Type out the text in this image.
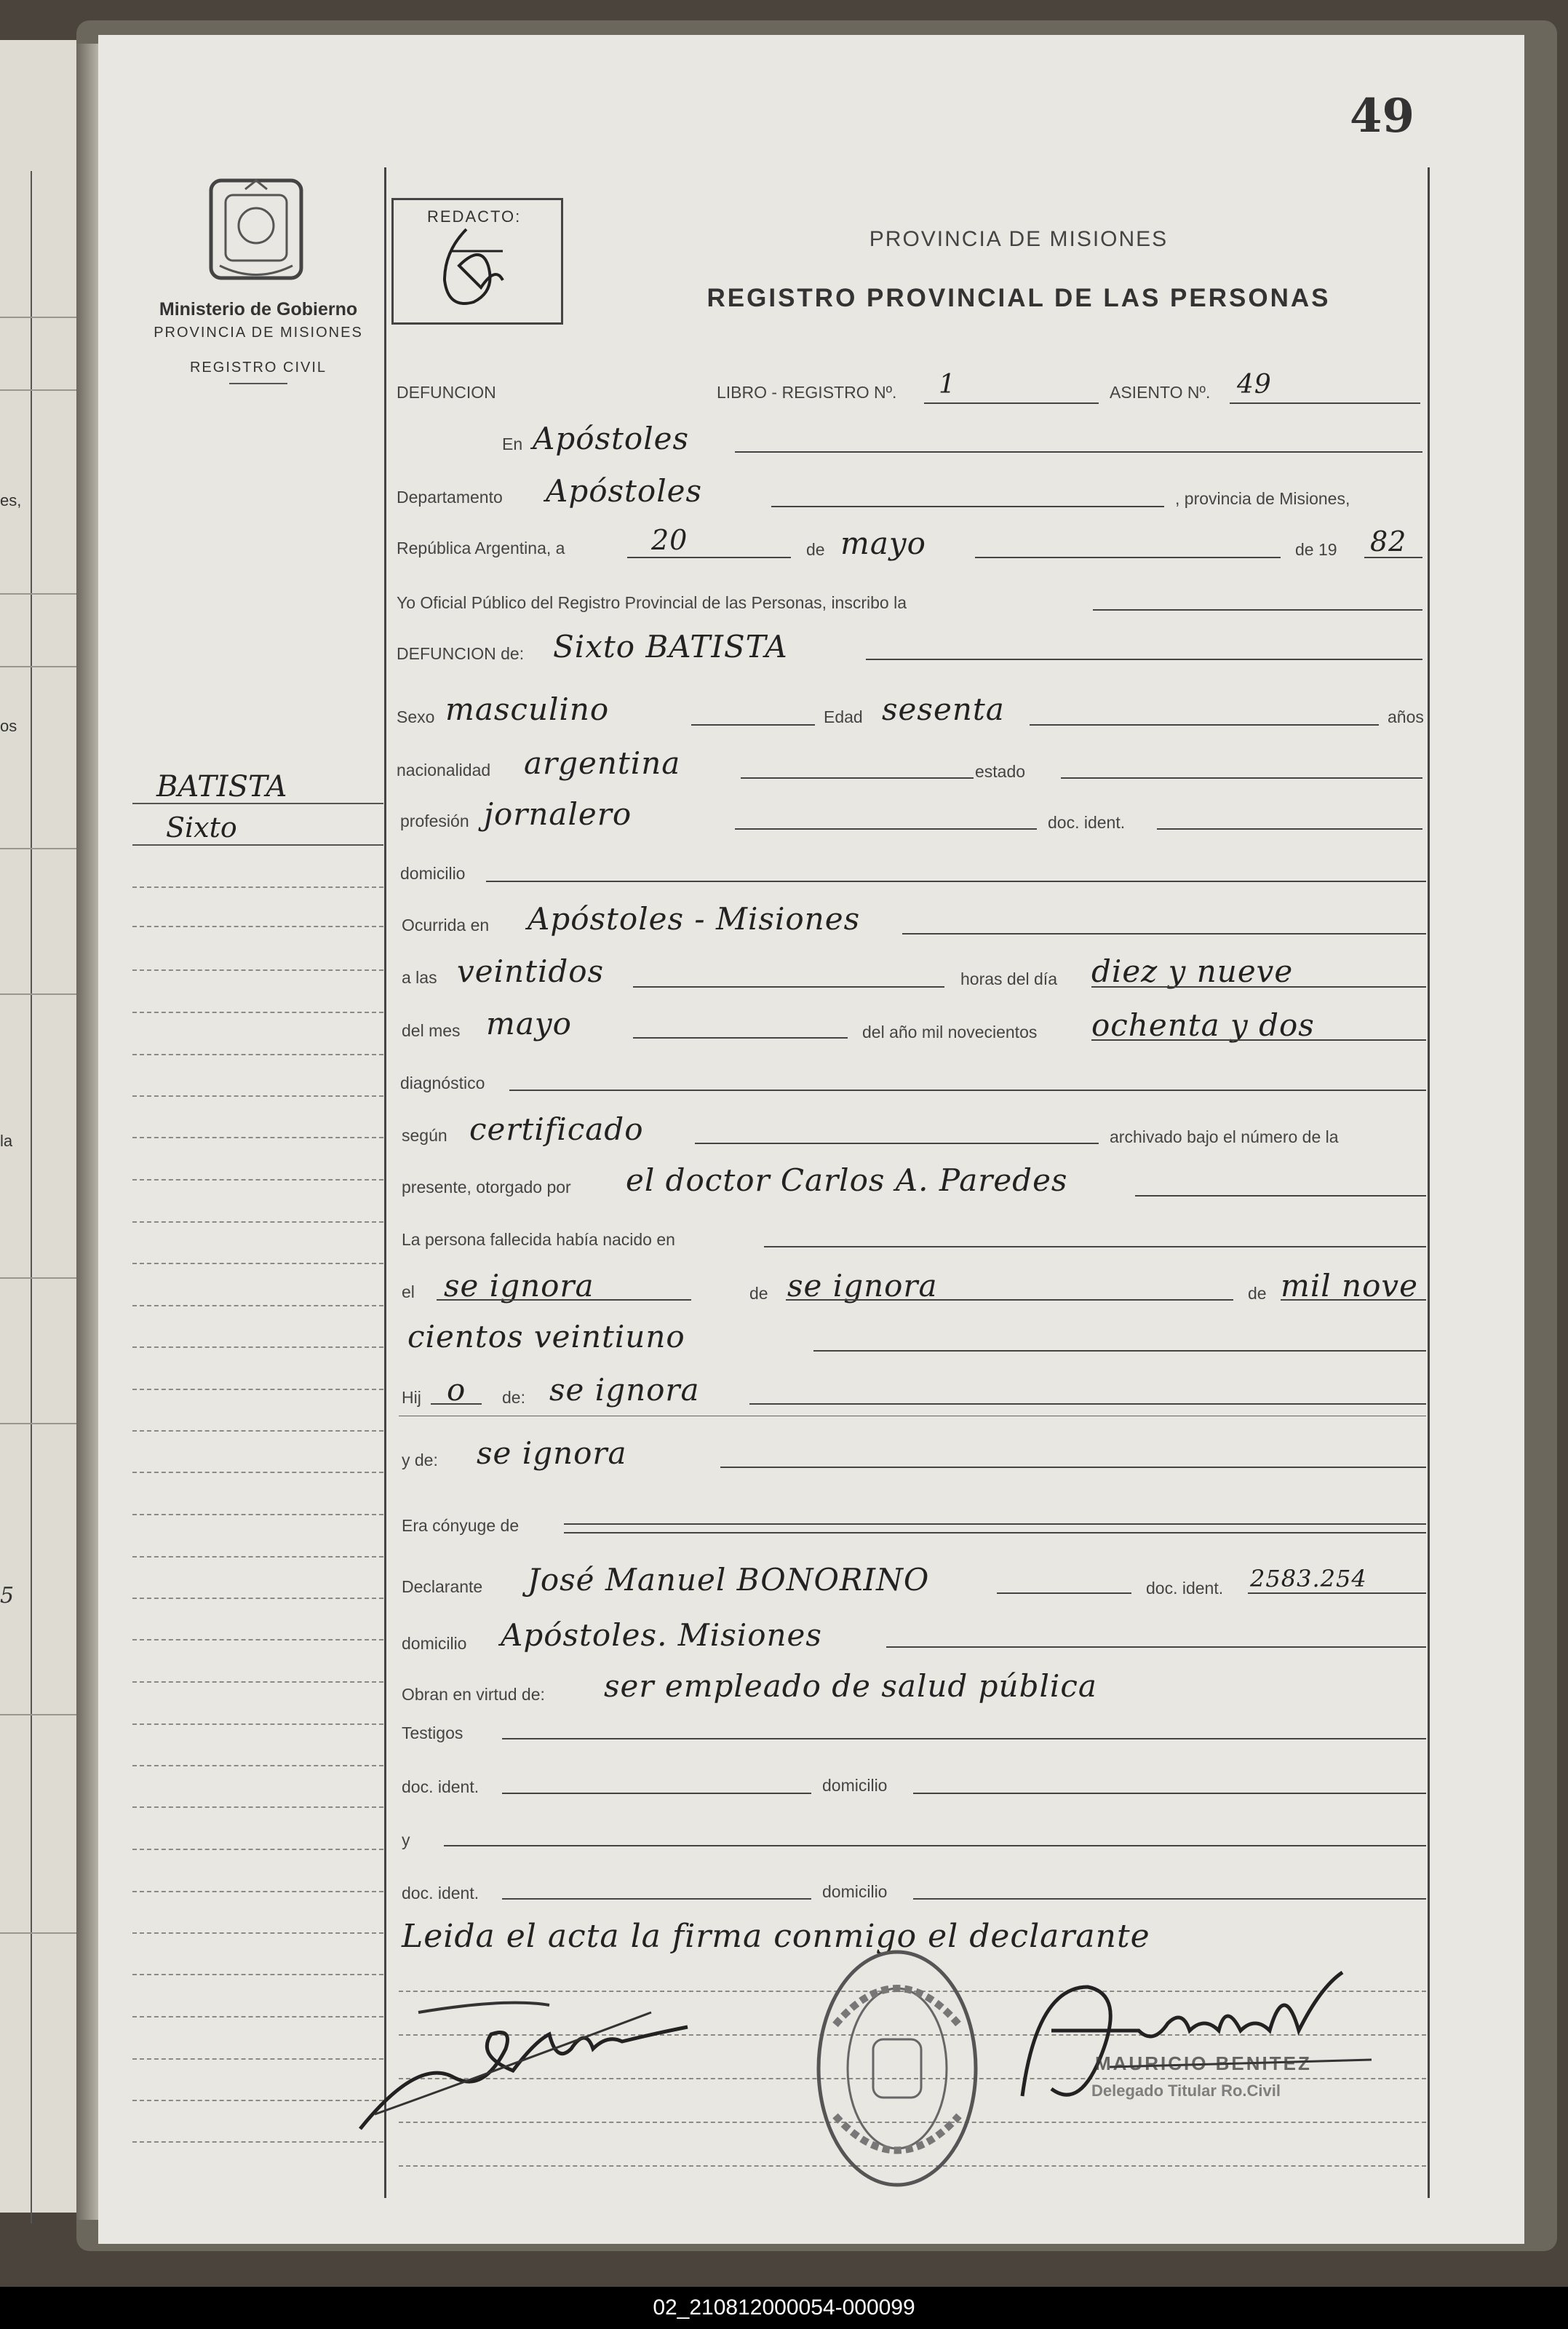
es,
os
la
5
49
Ministerio de Gobierno
PROVINCIA DE MISIONES
REGISTRO CIVIL
REDACTO:
PROVINCIA DE MISIONES
REGISTRO PROVINCIAL DE LAS PERSONAS
BATISTA
Sixto
DEFUNCION	LIBRO - REGISTRO Nº. 1	ASIENTO Nº. 49
En Apóstoles
Departamento Apóstoles	, provincia de Misiones,
República Argentina, a	20	de mayo	de 19 82
Yo Oficial Público del Registro Provincial de las Personas, inscribo la
DEFUNCION de: Sixto BATISTA
Sexo masculino	Edad sesenta	años
nacionalidad argentina	estado
profesión jornalero	doc. ident.
domicilio
Ocurrida en Apóstoles - Misiones
a las veintidos	horas del día diez y nueve
del mes mayo	del año mil novecientos ochenta y dos
diagnóstico
según certificado	archivado bajo el número de la
presente, otorgado por el doctor Carlos A. Paredes
La persona fallecida había nacido en
el se ignora	de se ignora	de mil nove
cientos veintiuno
Hij o de: se ignora
y de: se ignora
Era cónyuge de
Declarante José Manuel BONORINO	doc. ident. 2583.254
domicilio Apóstoles. Misiones
Obran en virtud de: ser empleado de salud pública
Testigos
doc. ident.	domicilio
y
doc. ident.	domicilio
Leida el acta la firma conmigo el declarante
MAURICIO BENITEZ
Delegado Titular Ro.Civil
02_210812000054-000099
